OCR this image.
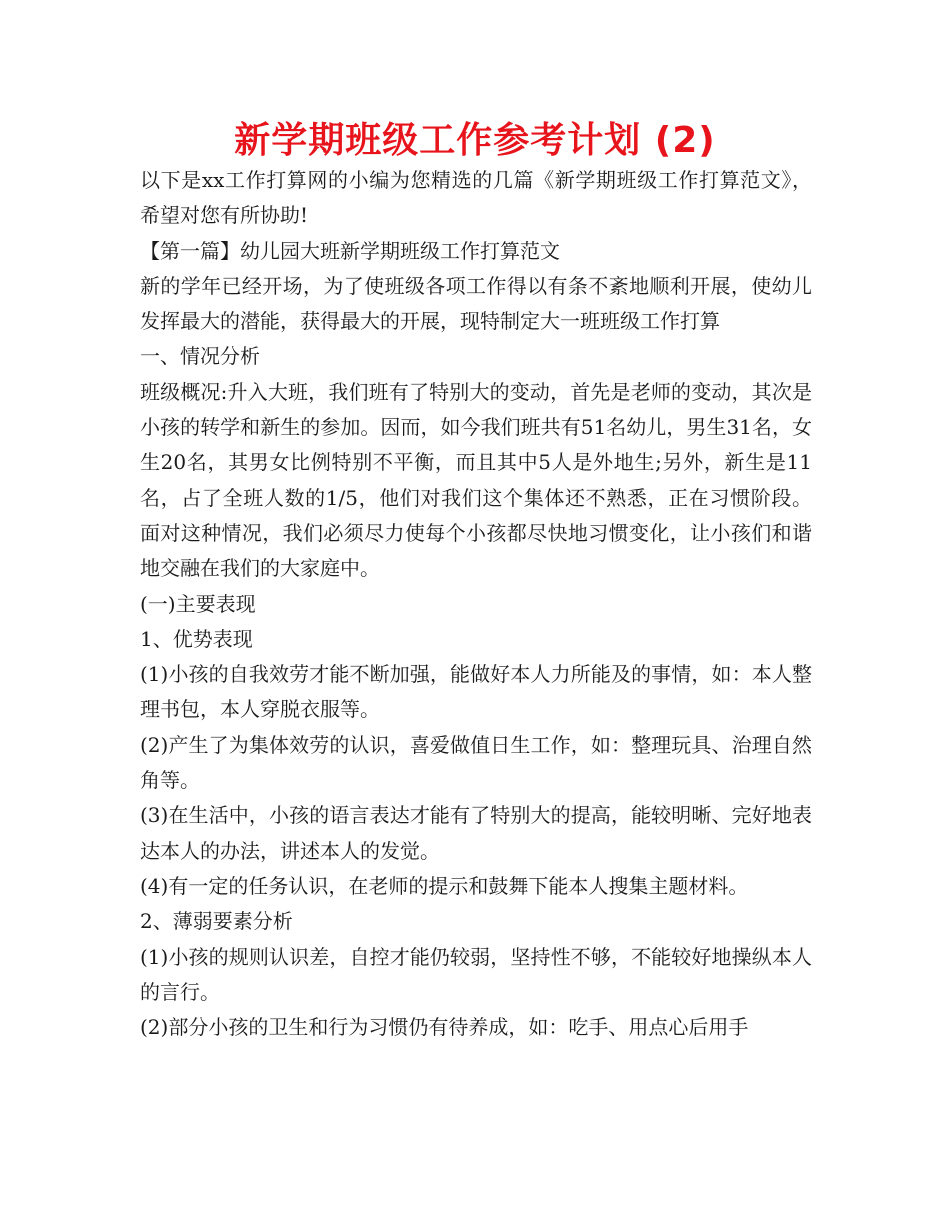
新学期班级工作参考计划 (2)

以下是xx工作打算网的小编为您精选的几篇《新学期班级工作打算范文》，希望对您有所协助!

【第一篇】幼儿园大班新学期班级工作打算范文

新的学年已经开场，为了使班级各项工作得以有条不紊地顺利开展，使幼儿发挥最大的潜能，获得最大的开展，现特制定大一班班级工作打算

一、情况分析

班级概况:升入大班，我们班有了特别大的变动，首先是老师的变动，其次是小孩的转学和新生的参加。因而，如今我们班共有51名幼儿，男生31名，女生20名，其男女比例特别不平衡，而且其中5人是外地生;另外，新生是11名，占了全班人数的1/5，他们对我们这个集体还不熟悉，正在习惯阶段。面对这种情况，我们必须尽力使每个小孩都尽快地习惯变化，让小孩们和谐地交融在我们的大家庭中。

(一)主要表现

1、优势表现

(1)小孩的自我效劳才能不断加强，能做好本人力所能及的事情，如：本人整理书包，本人穿脱衣服等。

(2)产生了为集体效劳的认识，喜爱做值日生工作，如：整理玩具、治理自然角等。

(3)在生活中，小孩的语言表达才能有了特别大的提高，能较明晰、完好地表达本人的办法，讲述本人的发觉。

(4)有一定的任务认识，在老师的提示和鼓舞下能本人搜集主题材料。

2、薄弱要素分析

(1)小孩的规则认识差，自控才能仍较弱，坚持性不够，不能较好地操纵本人的言行。

(2)部分小孩的卫生和行为习惯仍有待养成，如：吃手、用点心后用手
